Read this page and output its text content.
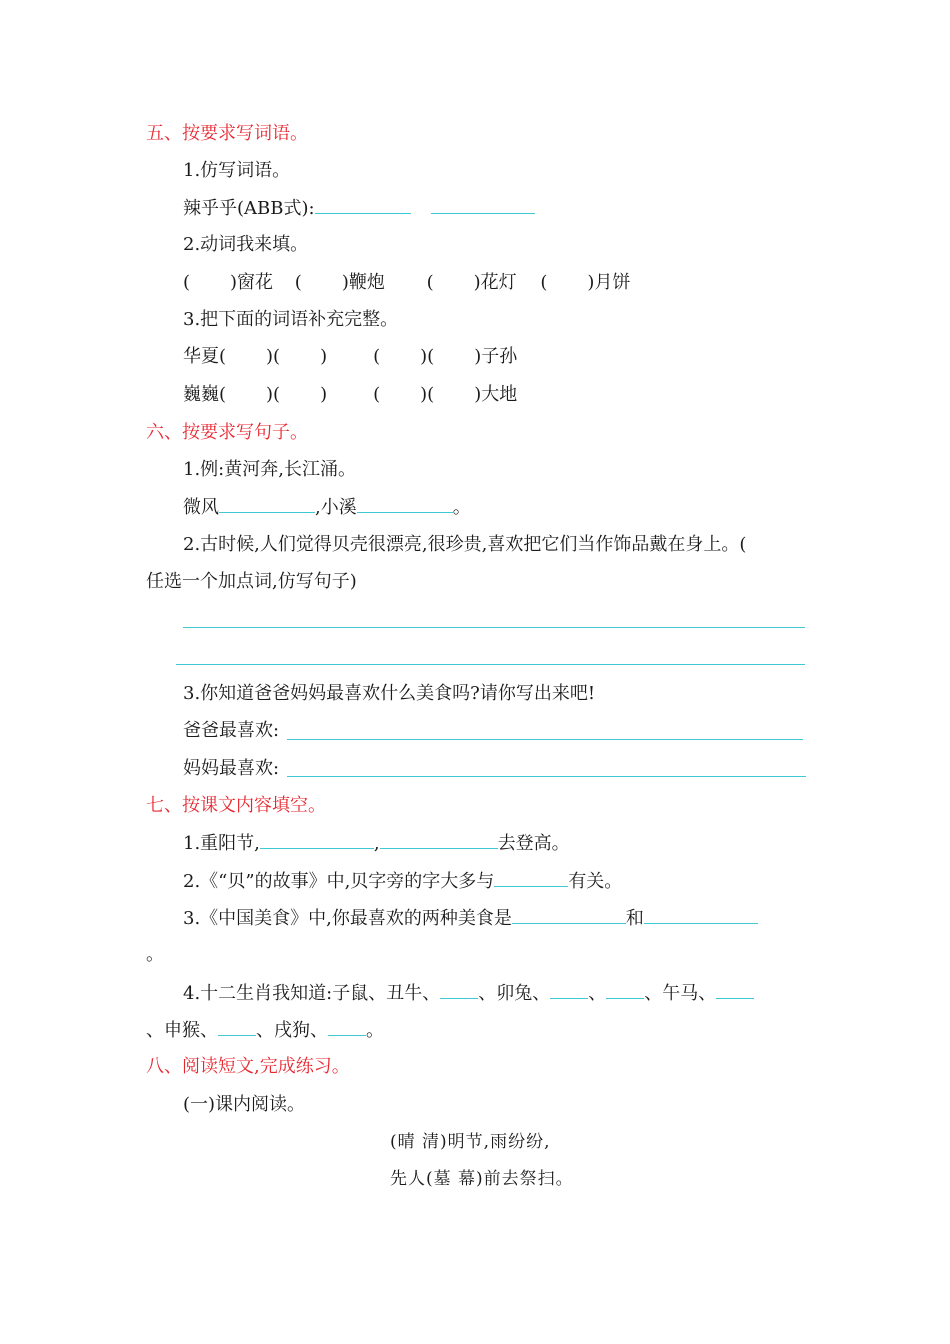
五、按要求写词语。
1.仿写词语。
辣乎乎(ABB式):
2.动词我来填。
( )窗花 ( )鞭炮 ( )花灯 ( )月饼
3.把下面的词语补充完整。
华夏( )( )	( )( )子孙
巍巍( )( )	( )( )大地
六、按要求写句子。
1.例:黄河奔,长江涌。
微风	,小溪	。
2.古时候,人们觉得贝壳很漂亮,很珍贵,喜欢把它们当作饰品戴在身上。(
任选一个加点词,仿写句子)
3.你知道爸爸妈妈最喜欢什么美食吗?请你写出来吧!
爸爸最喜欢:
妈妈最喜欢:
七、按课文内容填空。
1.重阳节,	,	去登高。
2.《“贝”的故事》中,贝字旁的字大多与	有关。
3.《中国美食》中,你最喜欢的两种美食是	和
。
4.十二生肖我知道:子鼠、丑牛、 、卯兔、 、 、午马、
、申猴、 、戌狗、 。
八、阅读短文,完成练习。
(一)课内阅读。
(晴 清)明节,雨纷纷,
先人(墓 幕)前去祭扫。
